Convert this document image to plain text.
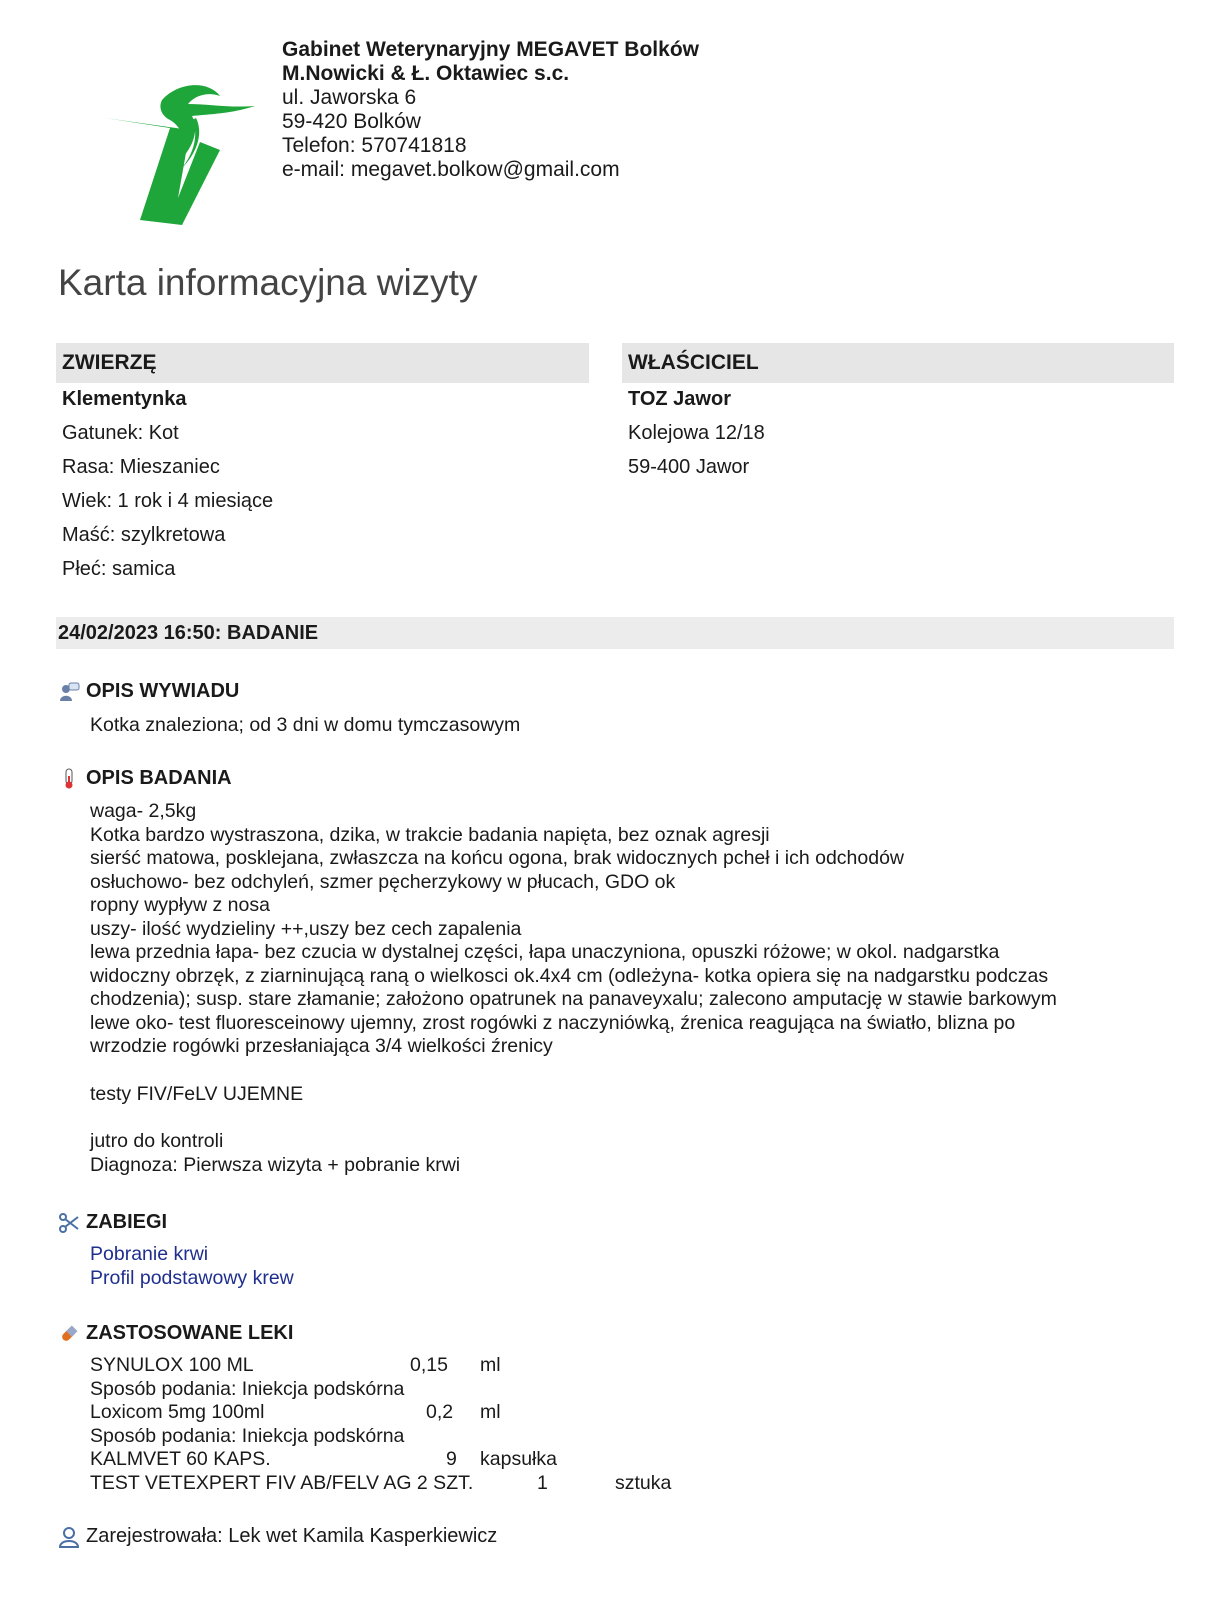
Gabinet Weterynaryjny MEGAVET Bolków
M.Nowicki & Ł. Oktawiec s.c.
ul. Jaworska 6
59-420 Bolków
Telefon: 570741818
e-mail: megavet.bolkow@gmail.com
Karta informacyjna wizyty
ZWIERZĘ
Klementynka
Gatunek: Kot
Rasa: Mieszaniec
Wiek: 1 rok i 4 miesiące
Maść: szylkretowa
Płeć: samica
WŁAŚCICIEL
TOZ Jawor
Kolejowa 12/18
59-400 Jawor
24/02/2023 16:50: BADANIE
OPIS WYWIADU
Kotka znaleziona; od 3 dni w domu tymczasowym
OPIS BADANIA
waga- 2,5kg
Kotka bardzo wystraszona, dzika, w trakcie badania napięta, bez oznak agresji
sierść matowa, posklejana, zwłaszcza na końcu ogona, brak widocznych pcheł i ich odchodów
osłuchowo- bez odchyleń, szmer pęcherzykowy w płucach, GDO ok
ropny wypływ z nosa
uszy- ilość wydzieliny ++,uszy bez cech zapalenia
lewa przednia łapa- bez czucia w dystalnej części, łapa unaczyniona, opuszki różowe; w okol. nadgarstka
widoczny obrzęk, z ziarninującą raną o wielkosci ok.4x4 cm (odleżyna- kotka opiera się na nadgarstku podczas
chodzenia); susp. stare złamanie; założono opatrunek na panaveyxalu; zalecono amputację w stawie barkowym
lewe oko- test fluoresceinowy ujemny, zrost rogówki z naczyniówką, źrenica reagująca na światło, blizna po
wrzodzie rogówki przesłaniająca 3/4 wielkości źrenicy
testy FIV/FeLV UJEMNE
jutro do kontroli
Diagnoza: Pierwsza wizyta + pobranie krwi
ZABIEGI
Pobranie krwi
Profil podstawowy krew
ZASTOSOWANE LEKI
SYNULOX 100 ML	0,15	ml
Sposób podania: Iniekcja podskórna
Loxicom 5mg 100ml	0,2	ml
Sposób podania: Iniekcja podskórna
KALMVET 60 KAPS.	9	kapsułka
TEST VETEXPERT FIV AB/FELV AG 2 SZT.	1	sztuka
Zarejestrowała: Lek wet Kamila Kasperkiewicz
